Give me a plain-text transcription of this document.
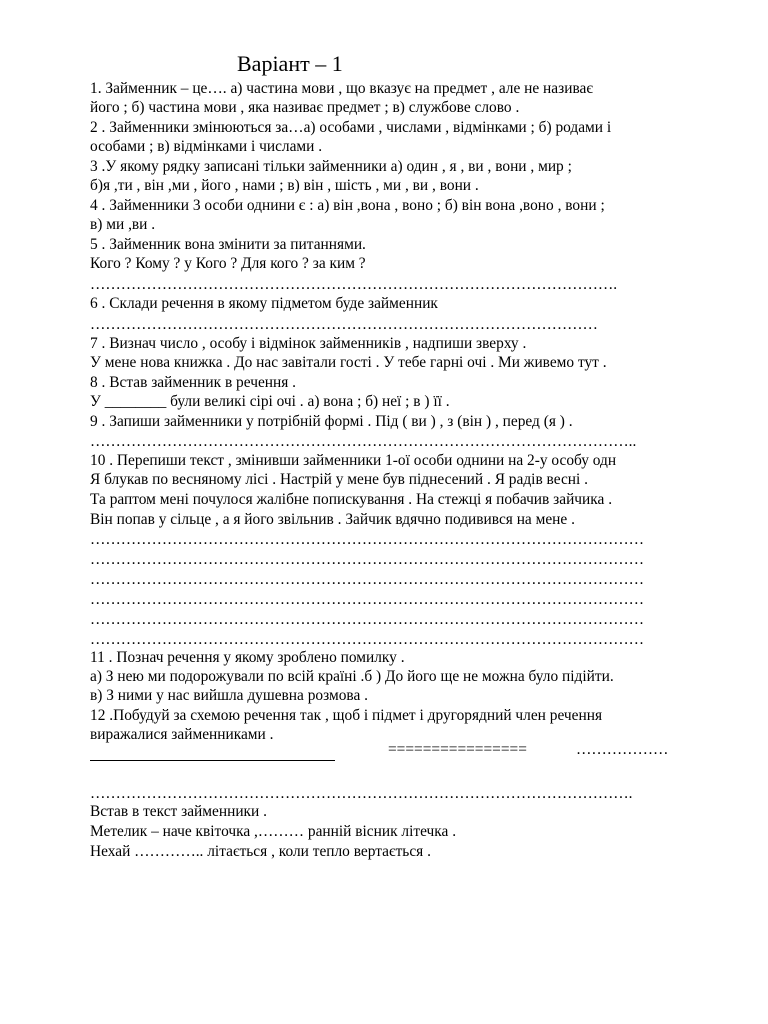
Варіант – 1
1. Займенник – це…. а) частина мови , що вказує на предмет , але не називає
його ; б) частина мови , яка називає предмет ; в) службове слово .
2 . Займенники змінюються за…а) особами , числами , відмінками ; б) родами і
особами ; в) відмінками і числами .
3 .У якому рядку записані тільки займенники а) один , я , ви , вони , мир ;
б)я ,ти , він ,ми , його , нами ; в) він , шість , ми , ви , вони .
4 . Займенники 3 особи однини є : а) він ,вона , воно ; б) він вона ,воно , вони ;
в) ми ,ви .
5 . Займенник вона змінити за питаннями.
Кого ? Кому ? у Кого ? Для кого ? за ким ?
………………………………………………………………………………………….
6 . Склади речення в якому підметом буде займенник
………………………………………………………………………………………
7 . Визнач число , особу і відмінок займенників , надпиши зверху .
У мене нова книжка . До нас завітали гості . У тебе гарні очі . Ми живемо тут .
8 . Встав займенник в речення .
У ________ були великі сірі очі . а) вона ; б) неї ; в ) її .
9 . Запиши займенники у потрібній формі . Під ( ви ) , з (він ) , перед (я ) .
……………………………………………………………………………………………..
10 . Перепиши текст , змінивши займенники 1-ої особи однини на 2-у особу одн
Я блукав по весняному лісі . Настрій у мене був піднесений . Я радів весні .
Та раптом мені почулося жалібне попискування . На стежці я побачив зайчика .
Він попав у сільце , а я його звільнив . Зайчик вдячно подивився на мене .
………………………………………………………………………………………………
………………………………………………………………………………………………
………………………………………………………………………………………………
………………………………………………………………………………………………
………………………………………………………………………………………………
………………………………………………………………………………………………
11 . Познач речення у якому зроблено помилку .
а) З нею ми подорожували по всій країні .б ) До його ще не можна було підійти.
в) З ними у нас вийшла душевна розмова .
12 .Побудуй за схемою речення так , щоб і підмет і другорядний член речення
виражалися займенниками .
================	………………
…………………………………………………………………………………………….
Встав в текст займенники .
Метелик – наче квіточка ,……… ранній вісник літечка .
Нехай ………….. літається , коли тепло вертається .
